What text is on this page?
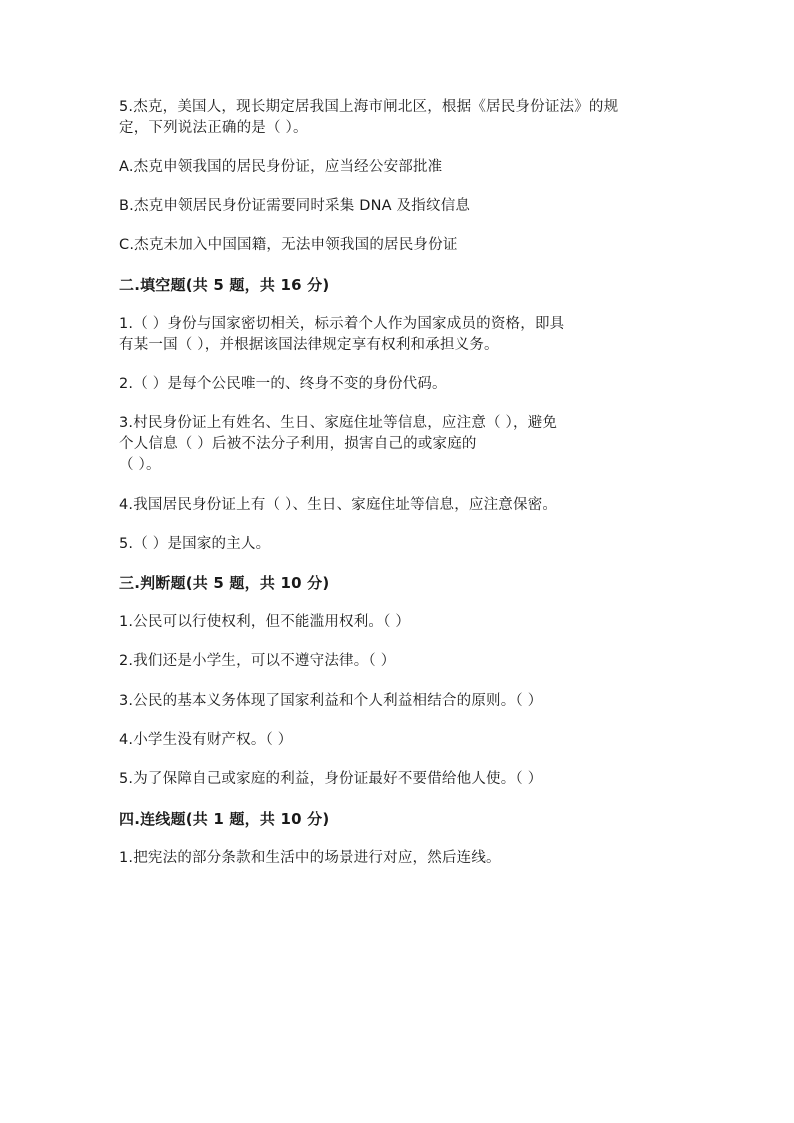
5.杰克，美国人，现长期定居我国上海市闸北区，根据《居民身份证法》的规
定，下列说法正确的是（ ）。
A.杰克申领我国的居民身份证，应当经公安部批准
B.杰克申领居民身份证需要同时采集 DNA 及指纹信息
C.杰克未加入中国国籍，无法申领我国的居民身份证
二.填空题(共 5 题，共 16 分)
1.（ ）身份与国家密切相关，标示着个人作为国家成员的资格，即具
有某一国（ ），并根据该国法律规定享有权利和承担义务。
2.（ ）是每个公民唯一的、终身不变的身份代码。
3.村民身份证上有姓名、生日、家庭住址等信息，应注意（ ），避免
个人信息（ ）后被不法分子利用，损害自己的或家庭的
（ ）。
4.我国居民身份证上有（ ）、生日、家庭住址等信息，应注意保密。
5.（ ）是国家的主人。
三.判断题(共 5 题，共 10 分)
1.公民可以行使权利，但不能滥用权利。（ ）
2.我们还是小学生，可以不遵守法律。（ ）
3.公民的基本义务体现了国家利益和个人利益相结合的原则。（ ）
4.小学生没有财产权。（ ）
5.为了保障自己或家庭的利益，身份证最好不要借给他人使。（ ）
四.连线题(共 1 题，共 10 分)
1.把宪法的部分条款和生活中的场景进行对应，然后连线。
